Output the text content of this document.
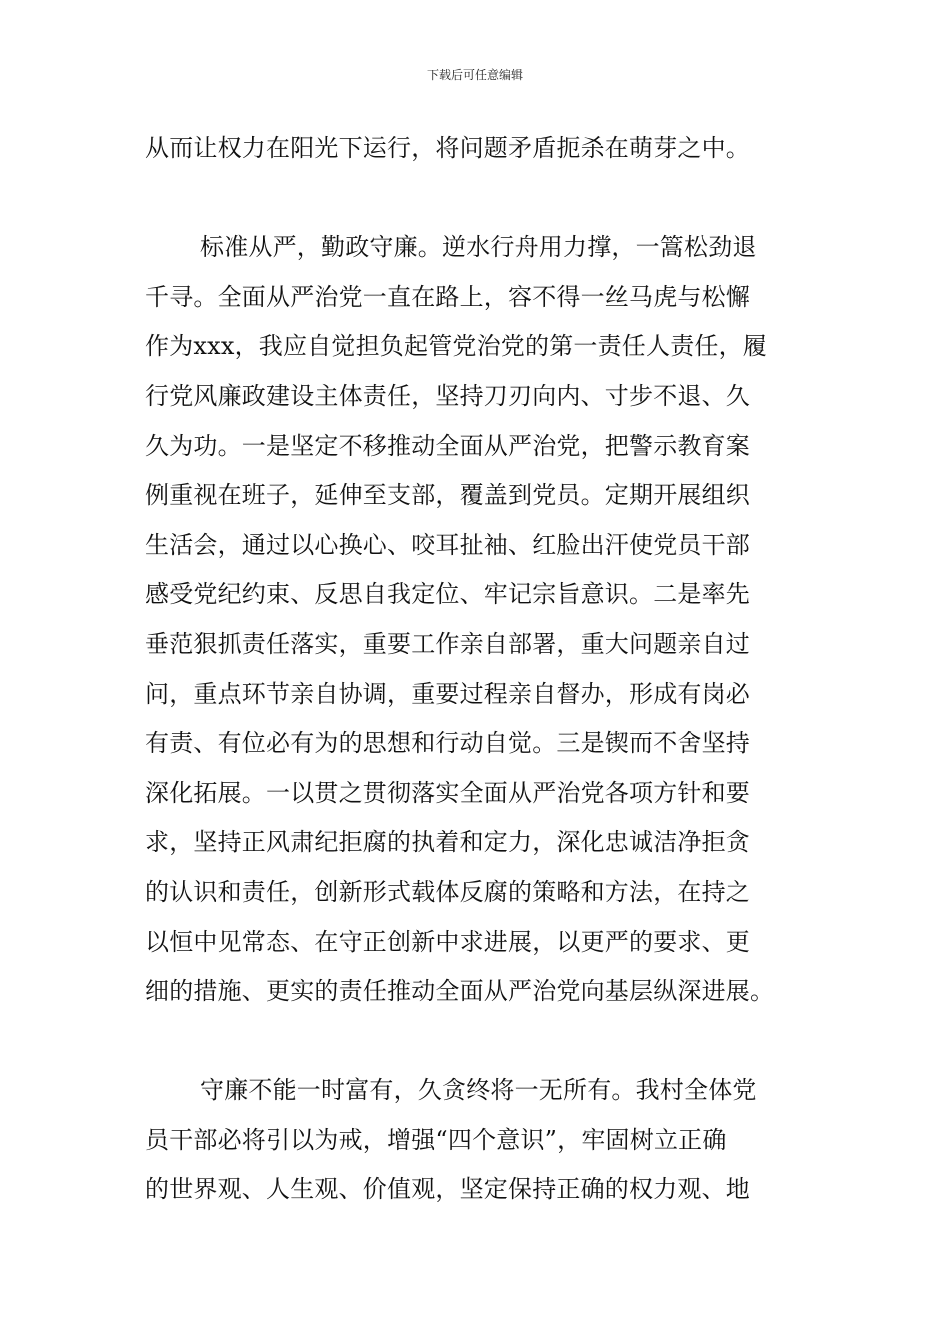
下载后可任意编辑
从而让权力在阳光下运行，将问题矛盾扼杀在萌芽之中。
标准从严，勤政守廉。逆水行舟用力撑，一篙松劲退
千寻。全面从严治党一直在路上，容不得一丝马虎与松懈
作为xxx，我应自觉担负起管党治党的第一责任人责任，履
行党风廉政建设主体责任，坚持刀刃向内、寸步不退、久
久为功。一是坚定不移推动全面从严治党，把警示教育案
例重视在班子，延伸至支部，覆盖到党员。定期开展组织
生活会，通过以心换心、咬耳扯袖、红脸出汗使党员干部
感受党纪约束、反思自我定位、牢记宗旨意识。二是率先
垂范狠抓责任落实，重要工作亲自部署，重大问题亲自过
问，重点环节亲自协调，重要过程亲自督办，形成有岗必
有责、有位必有为的思想和行动自觉。三是锲而不舍坚持
深化拓展。一以贯之贯彻落实全面从严治党各项方针和要
求，坚持正风肃纪拒腐的执着和定力，深化忠诚洁净拒贪
的认识和责任，创新形式载体反腐的策略和方法，在持之
以恒中见常态、在守正创新中求进展，以更严的要求、更
细的措施、更实的责任推动全面从严治党向基层纵深进展。
守廉不能一时富有，久贪终将一无所有。我村全体党
员干部必将引以为戒，增强“四个意识”，牢固树立正确
的世界观、人生观、价值观，坚定保持正确的权力观、地
